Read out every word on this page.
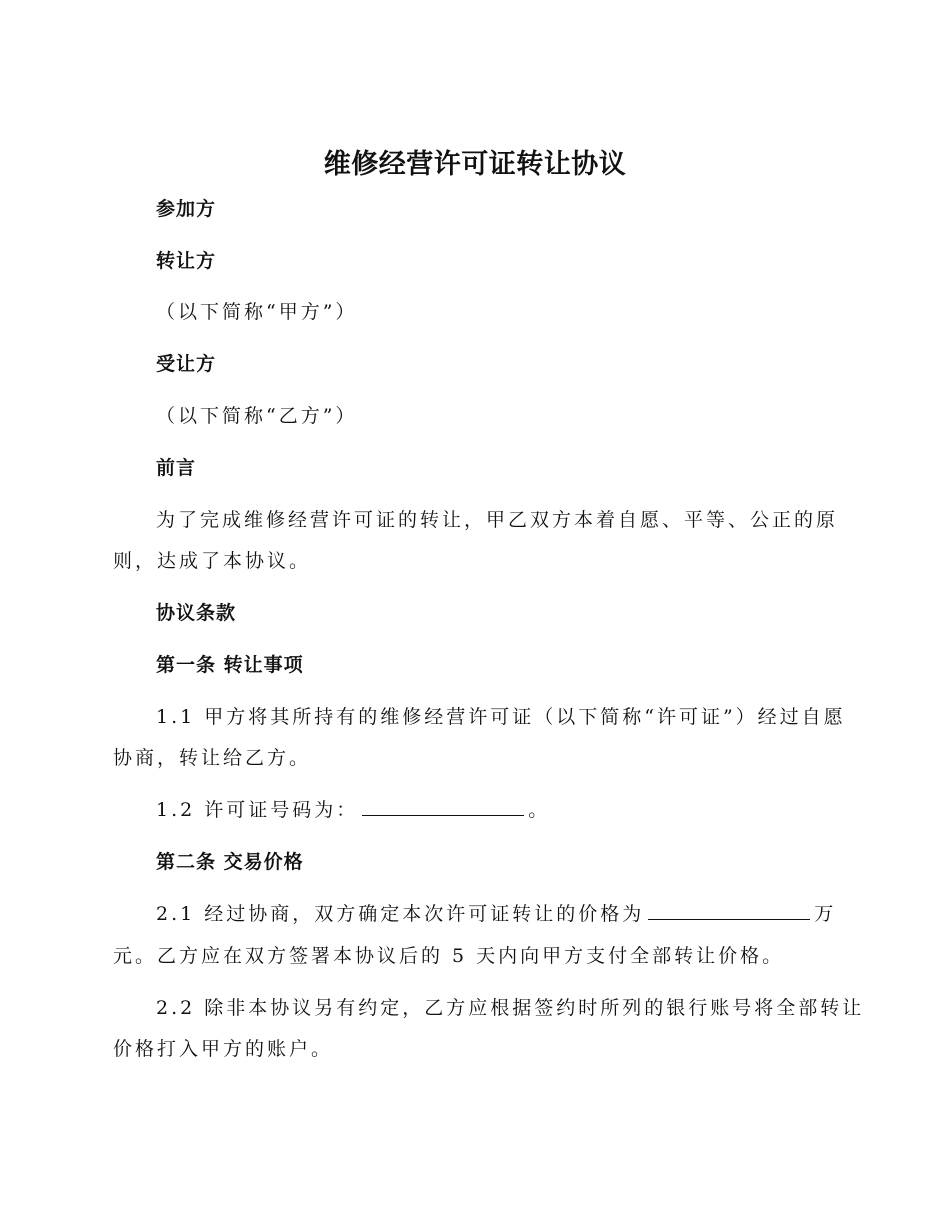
维修经营许可证转让协议
参加方
转让方
（以下简称“甲方”）
受让方
（以下简称“乙方”）
前言
为了完成维修经营许可证的转让，甲乙双方本着自愿、平等、公正的原
则，达成了本协议。
协议条款
第一条 转让事项
1.1 甲方将其所持有的维修经营许可证（以下简称“许可证”）经过自愿
协商，转让给乙方。
1.2 许可证号码为：	。
第二条 交易价格
2.1 经过协商，双方确定本次许可证转让的价格为	万
元。乙方应在双方签署本协议后的 5 天内向甲方支付全部转让价格。
2.2 除非本协议另有约定，乙方应根据签约时所列的银行账号将全部转让
价格打入甲方的账户。
